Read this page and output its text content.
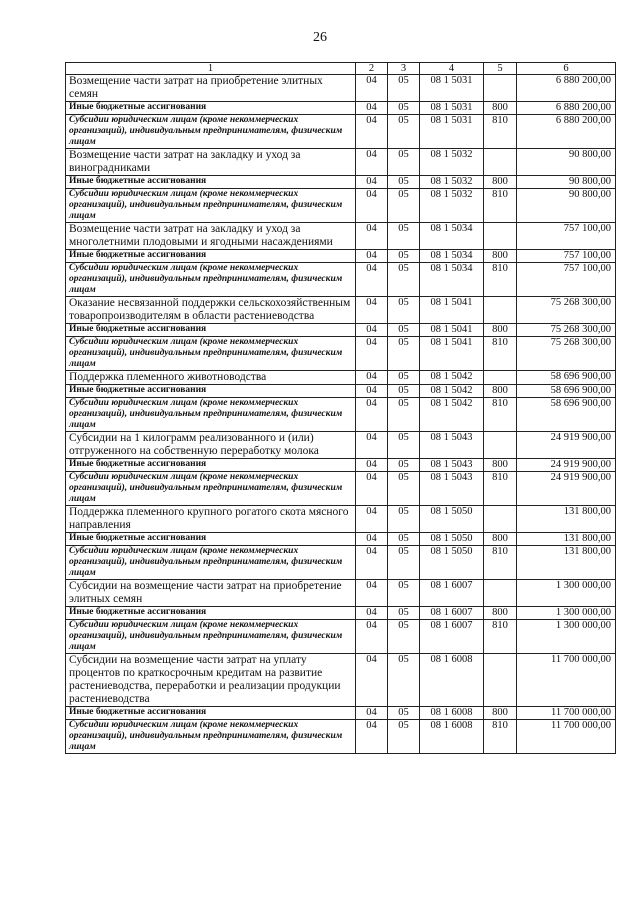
26
1	2	3	4	5	6
Возмещение части затрат на приобретение элитных семян	04	05	08 1 5031		6 880 200,00
Иные бюджетные ассигнования	04	05	08 1 5031	800	6 880 200,00
Субсидии юридическим лицам (кроме некоммерческих организаций), индивидуальным предпринимателям, физическим лицам	04	05	08 1 5031	810	6 880 200,00
Возмещение части затрат на закладку и уход за виноградниками	04	05	08 1 5032		90 800,00
Иные бюджетные ассигнования	04	05	08 1 5032	800	90 800,00
Субсидии юридическим лицам (кроме некоммерческих организаций), индивидуальным предпринимателям, физическим лицам	04	05	08 1 5032	810	90 800,00
Возмещение части затрат на закладку и уход за многолетними плодовыми и ягодными насаждениями	04	05	08 1 5034		757 100,00
Иные бюджетные ассигнования	04	05	08 1 5034	800	757 100,00
Субсидии юридическим лицам (кроме некоммерческих организаций), индивидуальным предпринимателям, физическим лицам	04	05	08 1 5034	810	757 100,00
Оказание несвязанной поддержки сельскохозяйственным товаропроизводителям в области растениеводства	04	05	08 1 5041		75 268 300,00
Иные бюджетные ассигнования	04	05	08 1 5041	800	75 268 300,00
Субсидии юридическим лицам (кроме некоммерческих организаций), индивидуальным предпринимателям, физическим лицам	04	05	08 1 5041	810	75 268 300,00
Поддержка племенного животноводства	04	05	08 1 5042		58 696 900,00
Иные бюджетные ассигнования	04	05	08 1 5042	800	58 696 900,00
Субсидии юридическим лицам (кроме некоммерческих организаций), индивидуальным предпринимателям, физическим лицам	04	05	08 1 5042	810	58 696 900,00
Субсидии на 1 килограмм реализованного и (или) отгруженного на собственную переработку молока	04	05	08 1 5043		24 919 900,00
Иные бюджетные ассигнования	04	05	08 1 5043	800	24 919 900,00
Субсидии юридическим лицам (кроме некоммерческих организаций), индивидуальным предпринимателям, физическим лицам	04	05	08 1 5043	810	24 919 900,00
Поддержка племенного крупного рогатого скота мясного направления	04	05	08 1 5050		131 800,00
Иные бюджетные ассигнования	04	05	08 1 5050	800	131 800,00
Субсидии юридическим лицам (кроме некоммерческих организаций), индивидуальным предпринимателям, физическим лицам	04	05	08 1 5050	810	131 800,00
Субсидии на возмещение части затрат на приобретение элитных семян	04	05	08 1 6007		1 300 000,00
Иные бюджетные ассигнования	04	05	08 1 6007	800	1 300 000,00
Субсидии юридическим лицам (кроме некоммерческих организаций), индивидуальным предпринимателям, физическим лицам	04	05	08 1 6007	810	1 300 000,00
Субсидии на возмещение части затрат на уплату процентов по краткосрочным кредитам на развитие растениеводства, переработки и реализации продукции растениеводства	04	05	08 1 6008		11 700 000,00
Иные бюджетные ассигнования	04	05	08 1 6008	800	11 700 000,00
Субсидии юридическим лицам (кроме некоммерческих организаций), индивидуальным предпринимателям, физическим лицам	04	05	08 1 6008	810	11 700 000,00
